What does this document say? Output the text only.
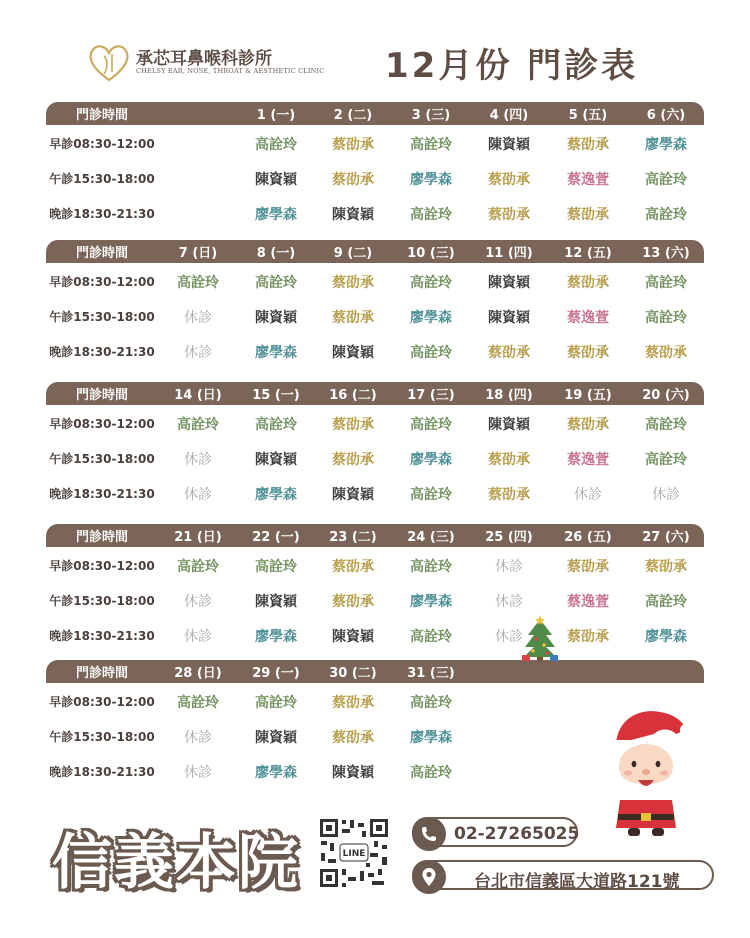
承芯耳鼻喉科診所
CHELSY EAR, NOSE, THROAT & AESTHETIC CLINIC 12月份 門診表
門診時間	1 (一)	2 (二)	3 (三)	4 (四)	5 (五)	6 (六)
早診08:30-12:00	高詮玲	蔡劭承	高詮玲	陳資穎	蔡劭承	廖學森
午診15:30-18:00	陳資穎	蔡劭承	廖學森	蔡劭承	蔡逸萱	高詮玲
晚診18:30-21:30	廖學森	陳資穎	高詮玲	蔡劭承	蔡劭承	高詮玲
門診時間	7 (日)	8 (一)	9 (二)	10 (三)	11 (四)	12 (五)	13 (六)
早診08:30-12:00	高詮玲	高詮玲	蔡劭承	高詮玲	陳資穎	蔡劭承	高詮玲
午診15:30-18:00	休診	陳資穎	蔡劭承	廖學森	陳資穎	蔡逸萱	高詮玲
晚診18:30-21:30	休診	廖學森	陳資穎	高詮玲	蔡劭承	蔡劭承	蔡劭承
門診時間	14 (日)	15 (一)	16 (二)	17 (三)	18 (四)	19 (五)	20 (六)
早診08:30-12:00	高詮玲	高詮玲	蔡劭承	高詮玲	陳資穎	蔡劭承	高詮玲
午診15:30-18:00	休診	陳資穎	蔡劭承	廖學森	蔡劭承	蔡逸萱	高詮玲
晚診18:30-21:30	休診	廖學森	陳資穎	高詮玲	蔡劭承	休診	休診
門診時間	21 (日)	22 (一)	23 (二)	24 (三)	25 (四)	26 (五)	27 (六)
早診08:30-12:00	高詮玲	高詮玲	蔡劭承	高詮玲	休診	蔡劭承	蔡劭承
午診15:30-18:00	休診	陳資穎	蔡劭承	廖學森	休診	蔡逸萱	高詮玲
晚診18:30-21:30	休診	廖學森	陳資穎	高詮玲	休診	蔡劭承	廖學森
門診時間	28 (日)	29 (一)	30 (二)	31 (三)
早診08:30-12:00	高詮玲	高詮玲	蔡劭承	高詮玲
午診15:30-18:00	休診	陳資穎	蔡劭承	廖學森
晚診18:30-21:30	休診	廖學森	陳資穎	高詮玲
信義本院	LINE
02-27265025
台北市信義區大道路121號
